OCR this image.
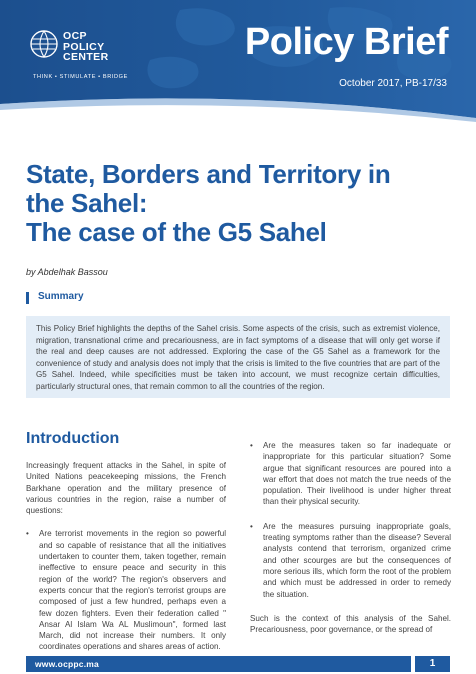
OCP
POLICY
CENTER
THINK • STIMULATE • BRIDGE
Policy Brief
October 2017, PB-17/33
State, Borders and Territory in
the Sahel:
The case of the G5 Sahel
by Abdelhak Bassou
Summary

This Policy Brief highlights the depths of the Sahel crisis. Some aspects of the crisis, such as extremist violence, migration, transnational crime and precariousness, are in fact symptoms of a disease that will only get worse if the real and deep causes are not addressed. Exploring the case of the G5 Sahel as a framework for the convenience of study and analysis does not imply that the crisis is limited to the five countries that are part of the G5 Sahel. Indeed, while specificities must be taken into account, we must recognize certain difficulties, particularly structural ones, that remain common to all the countries of the region.

Introduction

Increasingly frequent attacks in the Sahel, in spite of United Nations peacekeeping missions, the French Barkhane operation and the military presence of various countries in the region, raise a number of questions:

• Are terrorist movements in the region so powerful and so capable of resistance that all the initiatives undertaken to counter them, taken together, remain ineffective to ensure peace and security in this region of the world? The region's observers and experts concur that the region's terrorist groups are composed of just a few hundred, perhaps even a few dozen fighters. Even their federation called " Ansar Al Islam Wa AL Muslimoun", formed last March, did not increase their numbers. It only coordinates operations and shares areas of action.

• Are the measures taken so far inadequate or inappropriate for this particular situation? Some argue that significant resources are poured into a war effort that does not match the true needs of the population. Their livelihood is under higher threat than their physical security.

• Are the measures pursuing inappropriate goals, treating symptoms rather than the disease? Several analysts contend that terrorism, organized crime and other scourges are but the consequences of more serious ills, which form the root of the problem and which must be addressed in order to remedy the situation.

Such is the context of this analysis of the Sahel. Precariousness, poor governance, or the spread of

www.ocppc.ma	1
